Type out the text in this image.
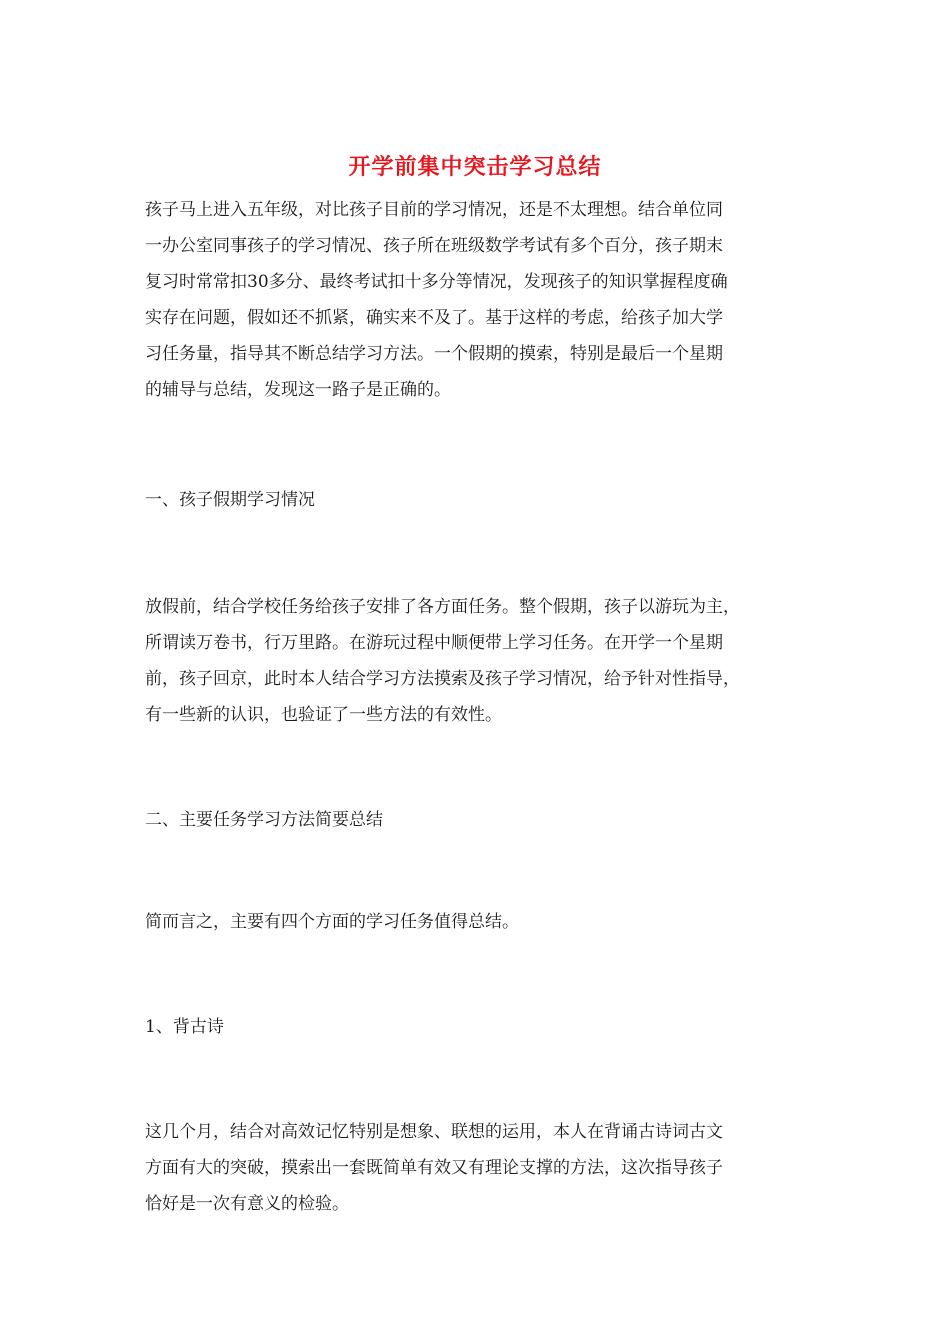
开学前集中突击学习总结
孩子马上进入五年级，对比孩子目前的学习情况，还是不太理想。结合单位同
一办公室同事孩子的学习情况、孩子所在班级数学考试有多个百分，孩子期末
复习时常常扣30多分、最终考试扣十多分等情况，发现孩子的知识掌握程度确
实存在问题，假如还不抓紧，确实来不及了。基于这样的考虑，给孩子加大学
习任务量，指导其不断总结学习方法。一个假期的摸索，特别是最后一个星期
的辅导与总结，发现这一路子是正确的。
一、孩子假期学习情况
放假前，结合学校任务给孩子安排了各方面任务。整个假期，孩子以游玩为主，
所谓读万卷书，行万里路。在游玩过程中顺便带上学习任务。在开学一个星期
前，孩子回京，此时本人结合学习方法摸索及孩子学习情况，给予针对性指导，
有一些新的认识，也验证了一些方法的有效性。
二、主要任务学习方法简要总结
简而言之，主要有四个方面的学习任务值得总结。
1、背古诗
这几个月，结合对高效记忆特别是想象、联想的运用，本人在背诵古诗词古文
方面有大的突破，摸索出一套既简单有效又有理论支撑的方法，这次指导孩子
恰好是一次有意义的检验。
